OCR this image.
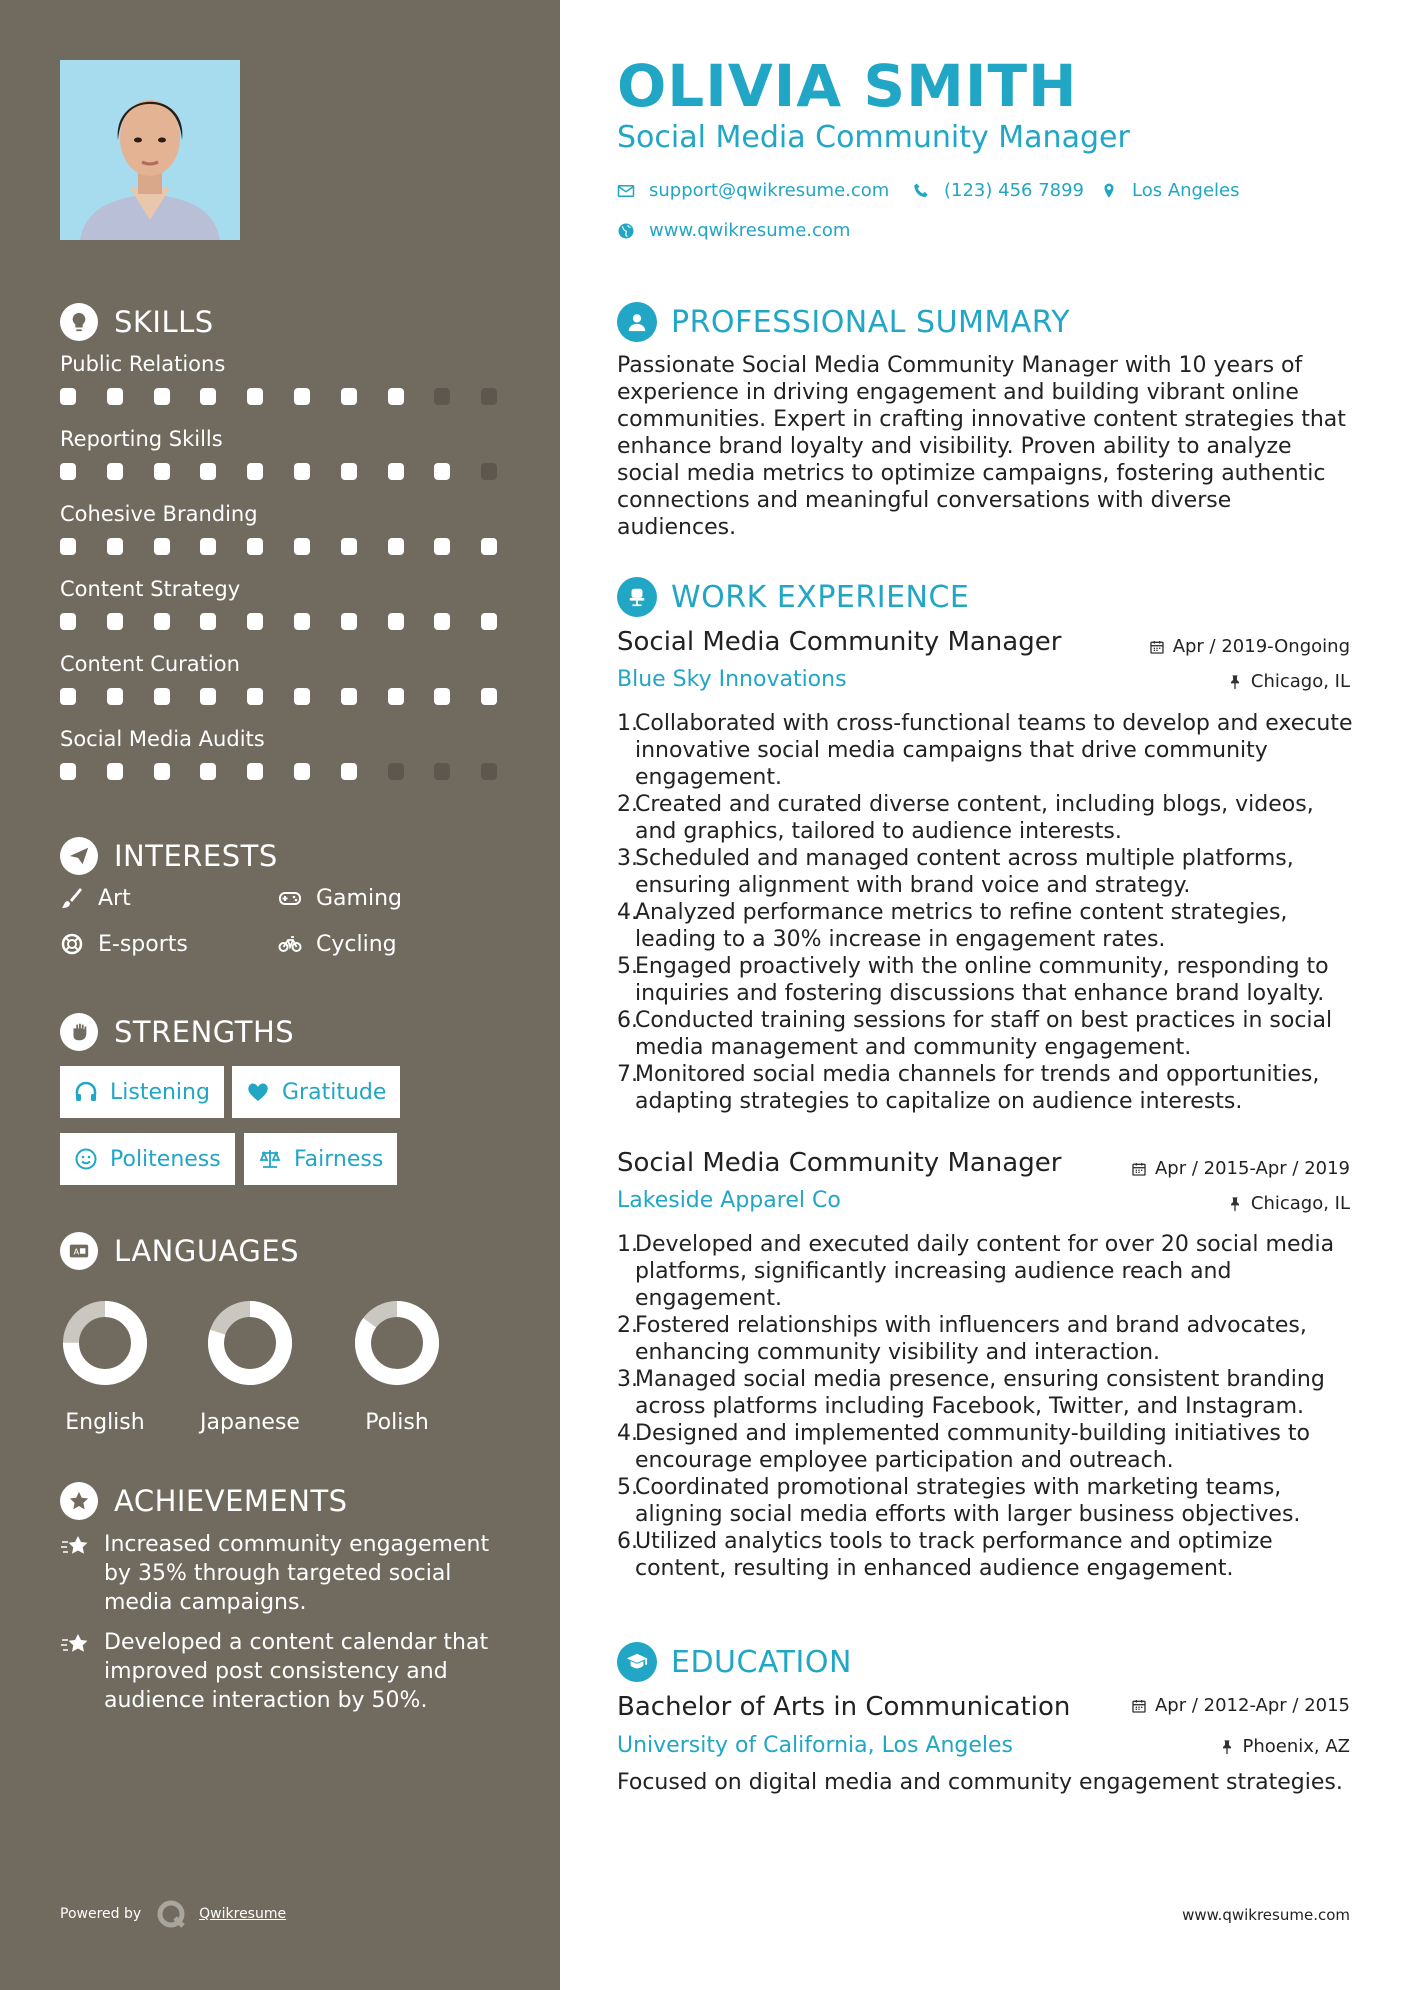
SKILLS
Public Relations
Reporting Skills
Cohesive Branding
Content Strategy
Content Curation
Social Media Audits
INTERESTS
Art	Gaming
E-sports	Cycling
STRENGTHS
Listening	Gratitude
Politeness	Fairness
A LANGUAGES
English	Japanese	Polish
ACHIEVEMENTS
Increased community engagement by 35% through targeted social media campaigns.
Developed a content calendar that improved post consistency and audience interaction by 50%.
Powered by	Qwikresume
OLIVIA SMITH
Social Media Community Manager
support@qwikresume.com	(123) 456 7899	Los Angeles
www.qwikresume.com
PROFESSIONAL SUMMARY
Passionate Social Media Community Manager with 10 years of experience in driving engagement and building vibrant online communities. Expert in crafting innovative content strategies that enhance brand loyalty and visibility. Proven ability to analyze social media metrics to optimize campaigns, fostering authentic connections and meaningful conversations with diverse audiences.
WORK EXPERIENCE
Social Media Community Manager	Apr / 2019-Ongoing
Blue Sky Innovations	Chicago, IL
1.
Collaborated with cross-functional teams to develop and execute innovative social media campaigns that drive community engagement.
2.
Created and curated diverse content, including blogs, videos, and graphics, tailored to audience interests.
3.
Scheduled and managed content across multiple platforms, ensuring alignment with brand voice and strategy.
4.
Analyzed performance metrics to refine content strategies, leading to a 30% increase in engagement rates.
5.
Engaged proactively with the online community, responding to inquiries and fostering discussions that enhance brand loyalty.
6.
Conducted training sessions for staff on best practices in social media management and community engagement.
7.
Monitored social media channels for trends and opportunities, adapting strategies to capitalize on audience interests.
Social Media Community Manager	Apr / 2015-Apr / 2019
Lakeside Apparel Co	Chicago, IL
1.
Developed and executed daily content for over 20 social media platforms, significantly increasing audience reach and engagement.
2.
Fostered relationships with influencers and brand advocates, enhancing community visibility and interaction.
3.
Managed social media presence, ensuring consistent branding across platforms including Facebook, Twitter, and Instagram.
4.
Designed and implemented community-building initiatives to encourage employee participation and outreach.
5.
Coordinated promotional strategies with marketing teams, aligning social media efforts with larger business objectives.
6.
Utilized analytics tools to track performance and optimize content, resulting in enhanced audience engagement.
EDUCATION
Bachelor of Arts in Communication	Apr / 2012-Apr / 2015
University of California, Los Angeles	Phoenix, AZ
Focused on digital media and community engagement strategies.
www.qwikresume.com
